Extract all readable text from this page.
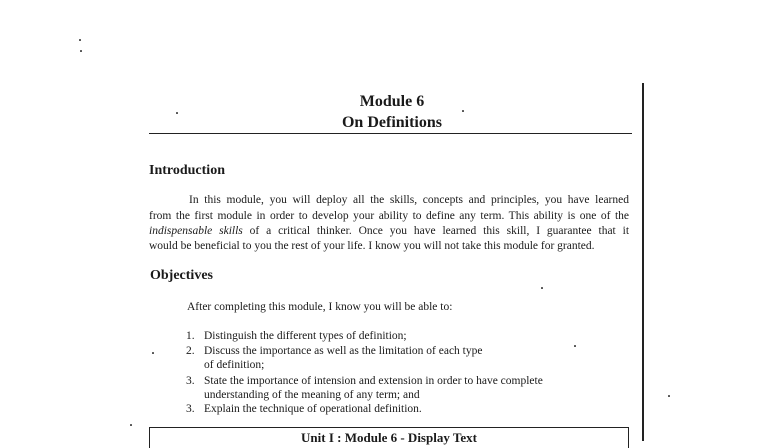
Module 6
On Definitions
Introduction
In this module, you will deploy all the skills, concepts and principles, you have learned
from the first module in order to develop your ability to define any term. This ability is one of the
indispensable skills of a critical thinker. Once you have learned this skill, I guarantee that it
would be beneficial to you the rest of your life. I know you will not take this module for granted.
Objectives
After completing this module, I know you will be able to:
1. Distinguish the different types of definition;
2. Discuss the importance as well as the limitation of each type
of definition;
3. State the importance of intension and extension in order to have complete
understanding of the meaning of any term; and
3. Explain the technique of operational definition.
Unit I : Module 6 - Display Text
